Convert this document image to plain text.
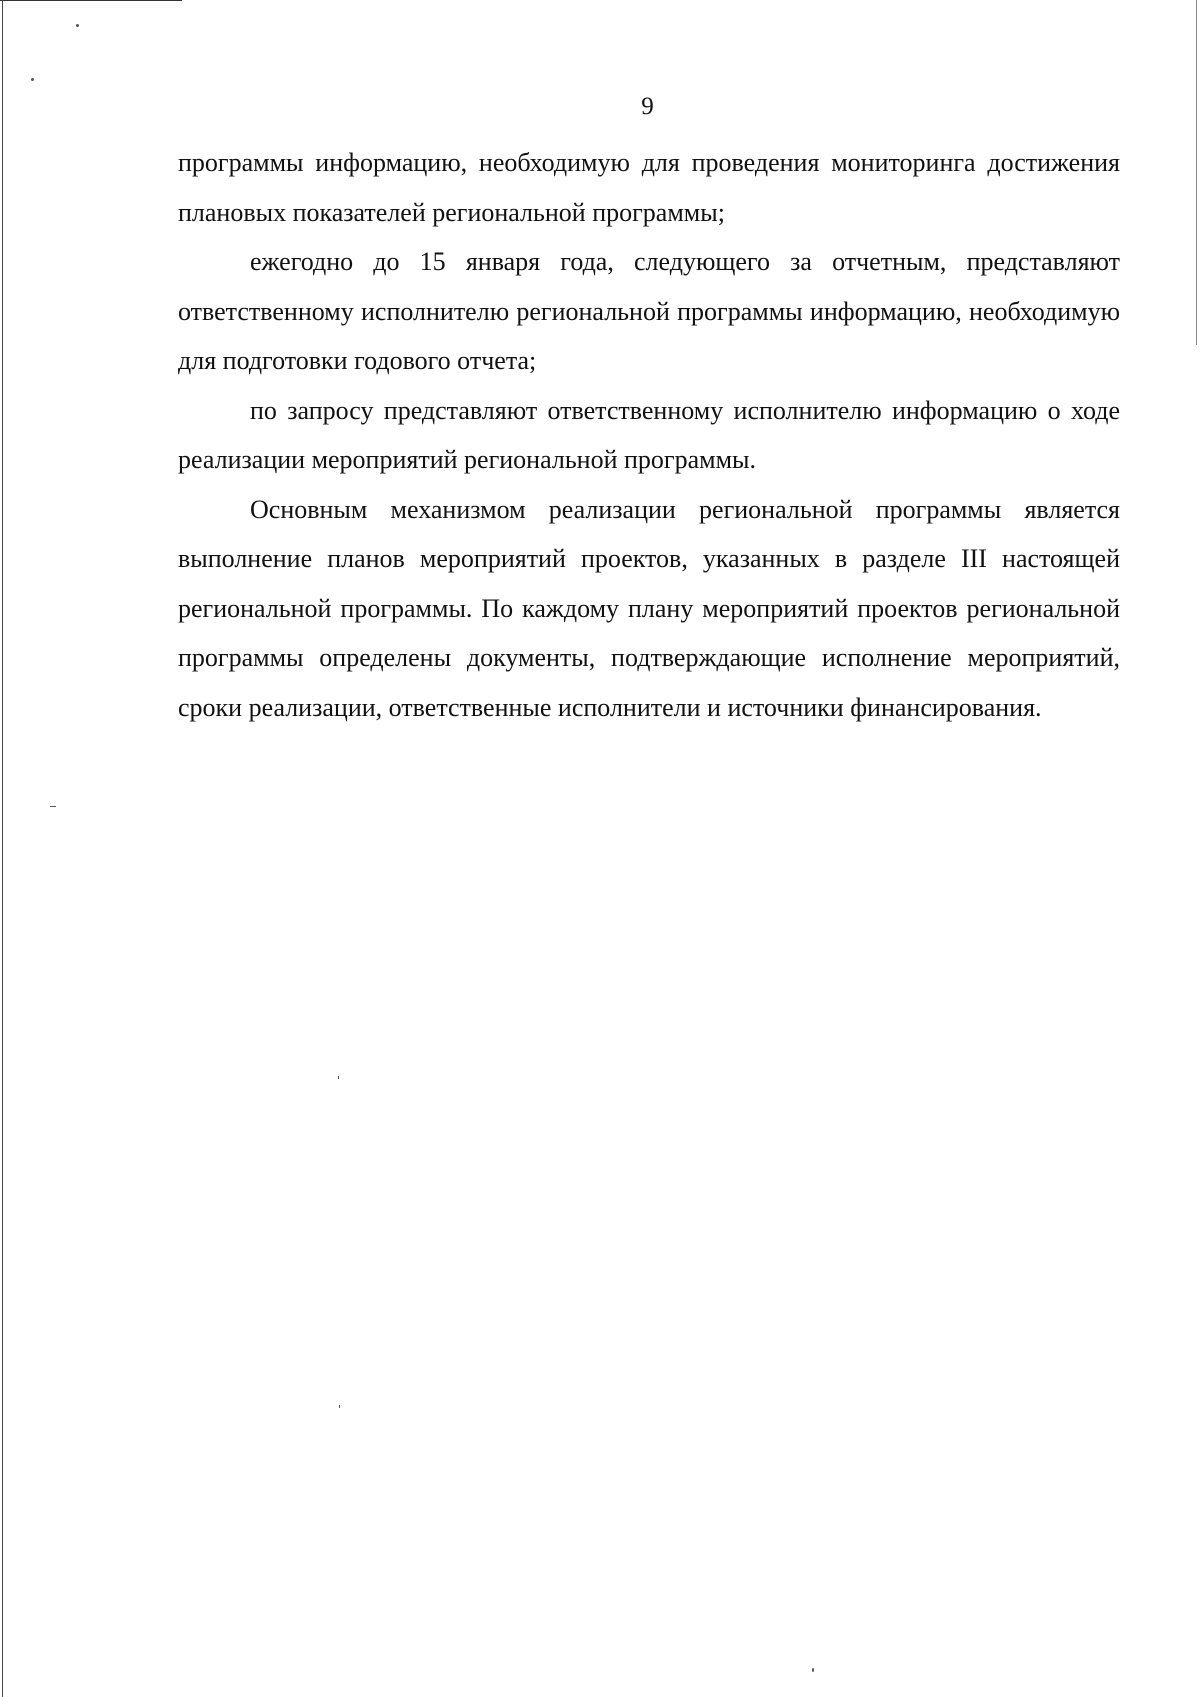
9

программы информацию, необходимую для проведения мониторинга достижения плановых показателей региональной программы;

ежегодно до 15 января года, следующего за отчетным, представляют ответственному исполнителю региональной программы информацию, необходимую для подготовки годового отчета;

по запросу представляют ответственному исполнителю информацию о ходе реализации мероприятий региональной программы.

Основным механизмом реализации региональной программы является выполнение планов мероприятий проектов, указанных в разделе III настоящей региональной программы. По каждому плану мероприятий проектов региональной программы определены документы, подтверждающие исполнение мероприятий, сроки реализации, ответственные исполнители и источники финансирования.
